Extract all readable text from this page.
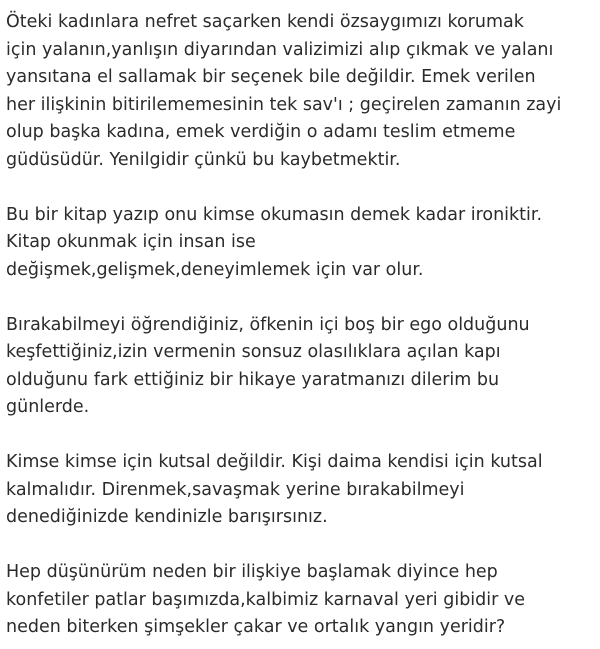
Öteki kadınlara nefret saçarken kendi özsaygımızı korumak
için yalanın,yanlışın diyarından valizimizi alıp çıkmak ve yalanı
yansıtana el sallamak bir seçenek bile değildir. Emek verilen
her ilişkinin bitirilememesinin tek sav'ı ; geçirelen zamanın zayi
olup başka kadına, emek verdiğin o adamı teslim etmeme
güdüsüdür. Yenilgidir çünkü bu kaybetmektir.

Bu bir kitap yazıp onu kimse okumasın demek kadar ironiktir.
Kitap okunmak için insan ise
değişmek,gelişmek,deneyimlemek için var olur.

Bırakabilmeyi öğrendiğiniz, öfkenin içi boş bir ego olduğunu
keşfettiğiniz,izin vermenin sonsuz olasılıklara açılan kapı
olduğunu fark ettiğiniz bir hikaye yaratmanızı dilerim bu
günlerde.

Kimse kimse için kutsal değildir. Kişi daima kendisi için kutsal
kalmalıdır. Direnmek,savaşmak yerine bırakabilmeyi
denediğinizde kendinizle barışırsınız.

Hep düşünürüm neden bir ilişkiye başlamak diyince hep
konfetiler patlar başımızda,kalbimiz karnaval yeri gibidir ve
neden biterken şimşekler çakar ve ortalık yangın yeridir?
